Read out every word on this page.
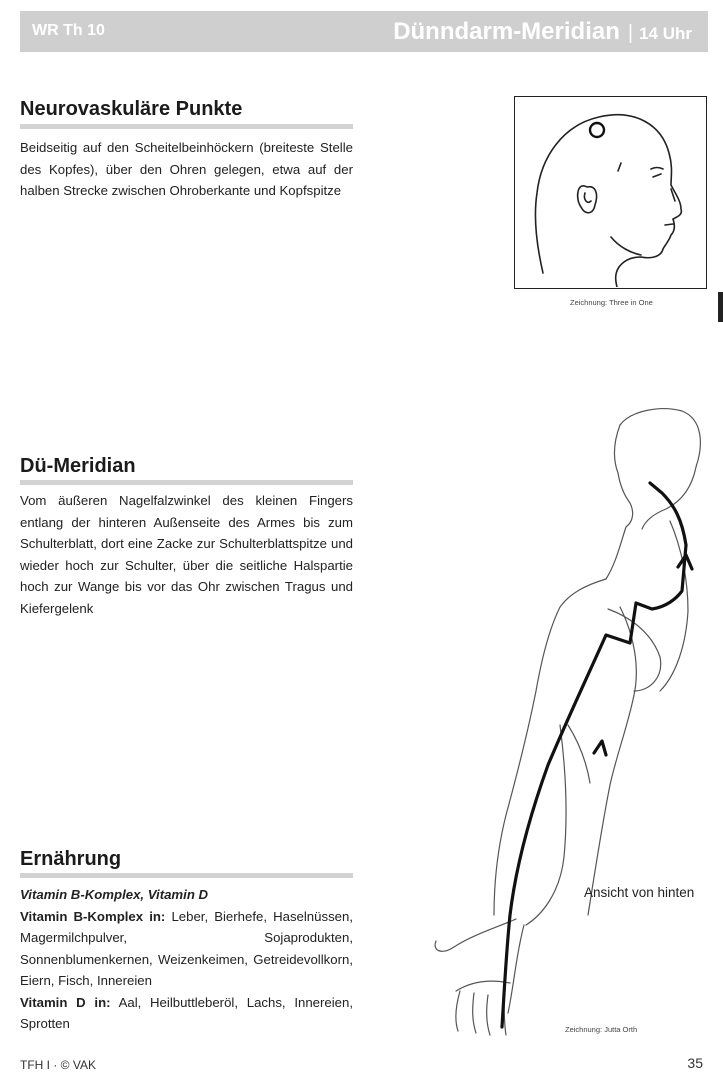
WR Th 10	Dünndarm-Meridian | 14 Uhr
Neurovaskuläre Punkte

Beidseitig auf den Scheitelbeinhöckern (breiteste Stelle des Kopfes), über den Ohren gelegen, etwa auf der halben Strecke zwischen Ohroberkante und Kopfspitze

Zeichnung: Three in One
Dü-Meridian

Vom äußeren Nagelfalzwinkel des kleinen Fingers entlang der hinteren Außenseite des Armes bis zum Schulterblatt, dort eine Zacke zur Schulterblattspitze und wieder hoch zur Schulter, über die seitliche Halspartie hoch zur Wange bis vor das Ohr zwischen Tragus und Kiefergelenk

Ansicht von hinten
Zeichnung: Jutta Orth
Ernährung

Vitamin B-Komplex, Vitamin D

Vitamin B-Komplex in: Leber, Bierhefe, Haselnüssen, Magermilchpulver, Sojaprodukten, Sonnenblumenkernen, Weizenkeimen, Getreidevollkorn, Eiern, Fisch, Innereien

Vitamin D in: Aal, Heilbuttleberöl, Lachs, Innereien, Sprotten

TFH I · © VAK	35
